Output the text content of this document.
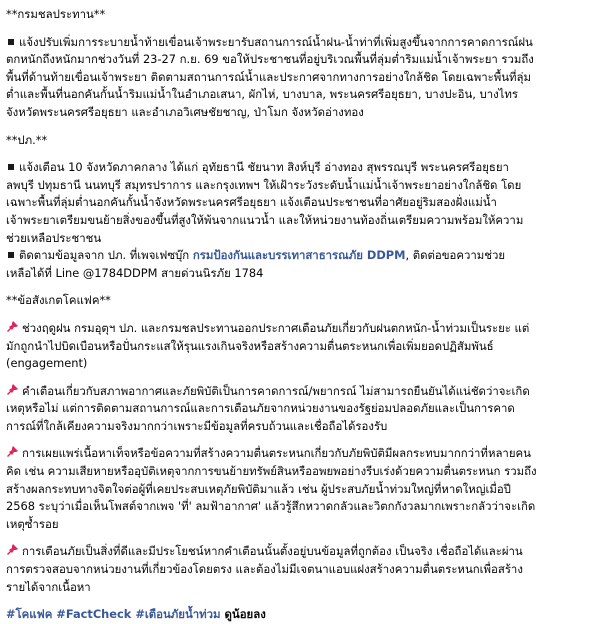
**กรมชลประทาน**
แจ้งปรับเพิ่มการระบายน้ำท้ายเขื่อนเจ้าพระยารับสถานการณ์น้ำฝน-น้ำท่าที่เพิ่มสูงขึ้นจากการคาดการณ์ฝน
ตกหนักถึงหนักมากช่วงวันที่ 23-27 ก.ย. 69 ขอให้ประชาชนที่อยู่บริเวณพื้นที่ลุ่มต่ำริมแม่น้ำเจ้าพระยา รวมถึง
พื้นที่ด้านท้ายเขื่อนเจ้าพระยา ติดตามสถานการณ์น้ำและประกาศจากทางการอย่างใกล้ชิด โดยเฉพาะพื้นที่ลุ่ม
ต่ำและพื้นที่นอกคันกั้นน้ำริมแม่น้ำในอำเภอเสนา, ผักไห่, บางบาล, พระนครศรีอยุธยา, บางปะอิน, บางไทร
จังหวัดพระนครศรีอยุธยา และอำเภอวิเศษชัยชาญ, ป่าโมก จังหวัดอ่างทอง
**ปภ.**
แจ้งเตือน 10 จังหวัดภาคกลาง ได้แก่ อุทัยธานี ชัยนาท สิงห์บุรี อ่างทอง สุพรรณบุรี พระนครศรีอยุธยา
ลพบุรี ปทุมธานี นนทบุรี สมุทรปราการ และกรุงเทพฯ ให้เฝ้าระวังระดับน้ำแม่น้ำเจ้าพระยาอย่างใกล้ชิด โดย
เฉพาะพื้นที่ลุ่มต่ำนอกคันกั้นน้ำจังหวัดพระนครศรีอยุธยา แจ้งเตือนประชาชนที่อาศัยอยู่ริมสองฝั่งแม่น้ำ
เจ้าพระยาเตรียมขนย้ายสิ่งของขึ้นที่สูงให้พ้นจากแนวน้ำ และให้หน่วยงานท้องถิ่นเตรียมความพร้อมให้ความ
ช่วยเหลือประชาชน
ติดตามข้อมูลจาก ปภ. ที่เพจเฟซบุ๊ก กรมป้องกันและบรรเทาสาธารณภัย DDPM, ติดต่อขอความช่วย
เหลือได้ที่ Line @1784DDPM สายด่วนนิรภัย 1784
**ข้อสังเกตโคแฟค**
ช่วงฤดูฝน กรมอุตุฯ ปภ. และกรมชลประทานออกประกาศเตือนภัยเกี่ยวกับฝนตกหนัก-น้ำท่วมเป็นระยะ แต่
มักถูกนำไปบิดเบือนหรือปั่นกระแสให้รุนแรงเกินจริงหรือสร้างความตื่นตระหนกเพื่อเพิ่มยอดปฏิสัมพันธ์
(engagement)
คำเตือนเกี่ยวกับสภาพอากาศและภัยพิบัติเป็นการคาดการณ์/พยากรณ์ ไม่สามารถยืนยันได้แน่ชัดว่าจะเกิด
เหตุหรือไม่ แต่การติดตามสถานการณ์และการเตือนภัยจากหน่วยงานของรัฐย่อมปลอดภัยและเป็นการคาด
การณ์ที่ใกล้เคียงความจริงมากกว่าเพราะมีข้อมูลที่ครบถ้วนและเชื่อถือได้รองรับ
การเผยแพร่เนื้อหาเท็จหรือข้อความที่สร้างความตื่นตระหนกเกี่ยวกับภัยพิบัติมีผลกระทบมากกว่าที่หลายคน
คิด เช่น ความเสียหายหรืออุบัติเหตุจากการขนย้ายทรัพย์สินหรืออพยพอย่างรีบเร่งด้วยความตื่นตระหนก รวมถึง
สร้างผลกระทบทางจิตใจต่อผู้ที่เคยประสบเหตุภัยพิบัติมาแล้ว เช่น ผู้ประสบภัยน้ำท่วมใหญ่ที่หาดใหญ่เมื่อปี
2568 ระบุว่าเมื่อเห็นโพสต์จากเพจ 'ที่' ลมฟ้าอากาศ' แล้วรู้สึกหวาดกลัวและวิตกกังวลมากเพราะกลัวว่าจะเกิด
เหตุซ้ำรอย
การเตือนภัยเป็นสิ่งที่ดีและมีประโยชน์หากคำเตือนนั้นตั้งอยู่บนข้อมูลที่ถูกต้อง เป็นจริง เชื่อถือได้และผ่าน
การตรวจสอบจากหน่วยงานที่เกี่ยวข้องโดยตรง และต้องไม่มีเจตนาแอบแฝงสร้างความตื่นตระหนกเพื่อสร้าง
รายได้จากเนื้อหา
#โคแฟค #FactCheck #เตือนภัยน้ำท่วม ดูน้อยลง
